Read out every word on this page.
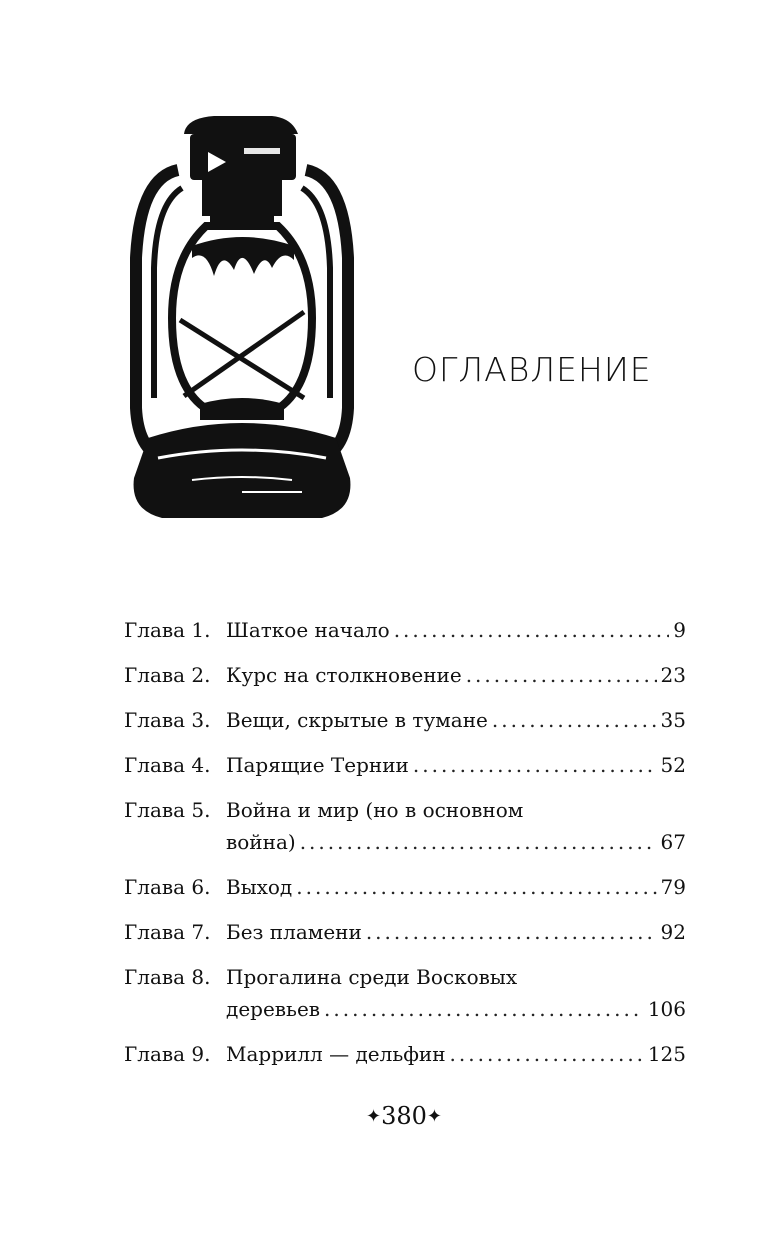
ОГЛАВЛЕНИЕ
Глава 1. Шаткое начало .....	9
Глава 2. Курс на столкновение .....	23
Глава 3. Вещи, скрытые в тумане .....	35
Глава 4. Парящие Тернии .....	52
Глава 5. Война и мир (но в основном
война) .....	67
Глава 6. Выход .....	79
Глава 7. Без пламени .....	92
Глава 8. Прогалина среди Восковых
деревьев .....	106
Глава 9. Маррилл — дельфин .....	125
✦380✦
